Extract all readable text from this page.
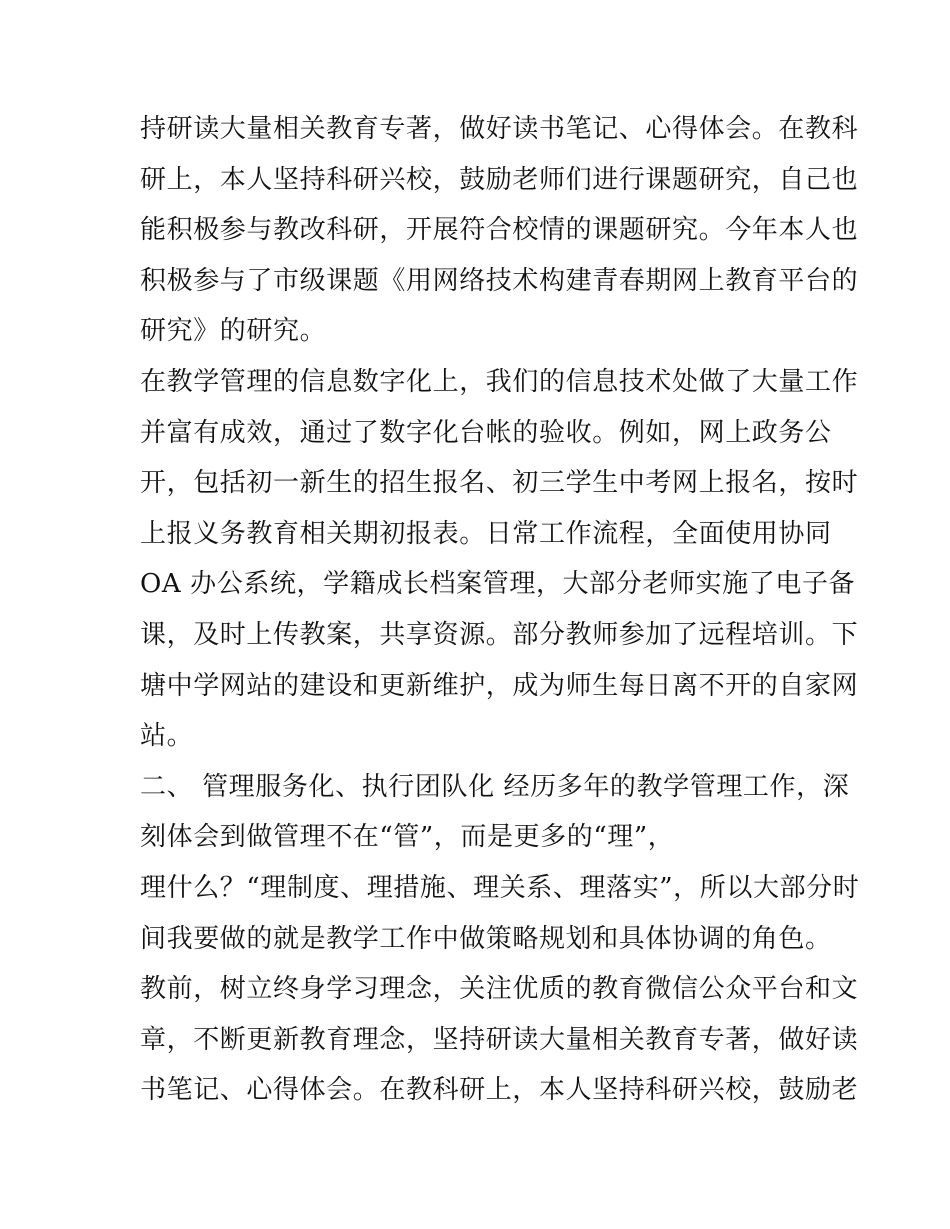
持研读大量相关教育专著，做好读书笔记、心得体会。在教科
研上，本人坚持科研兴校，鼓励老师们进行课题研究，自己也
能积极参与教改科研，开展符合校情的课题研究。今年本人也
积极参与了市级课题《用网络技术构建青春期网上教育平台的
研究》的研究。
在教学管理的信息数字化上，我们的信息技术处做了大量工作
并富有成效，通过了数字化台帐的验收。例如，网上政务公
开，包括初一新生的招生报名、初三学生中考网上报名，按时
上报义务教育相关期初报表。日常工作流程，全面使用协同
OA 办公系统，学籍成长档案管理，大部分老师实施了电子备
课，及时上传教案，共享资源。部分教师参加了远程培训。下
塘中学网站的建设和更新维护，成为师生每日离不开的自家网
站。
二、 管理服务化、执行团队化 经历多年的教学管理工作，深
刻体会到做管理不在“管”，而是更多的“理”，
理什么？“理制度、理措施、理关系、理落实”，所以大部分时
间我要做的就是教学工作中做策略规划和具体协调的角色。
教前，树立终身学习理念，关注优质的教育微信公众平台和文
章，不断更新教育理念，坚持研读大量相关教育专著，做好读
书笔记、心得体会。在教科研上，本人坚持科研兴校，鼓励老
